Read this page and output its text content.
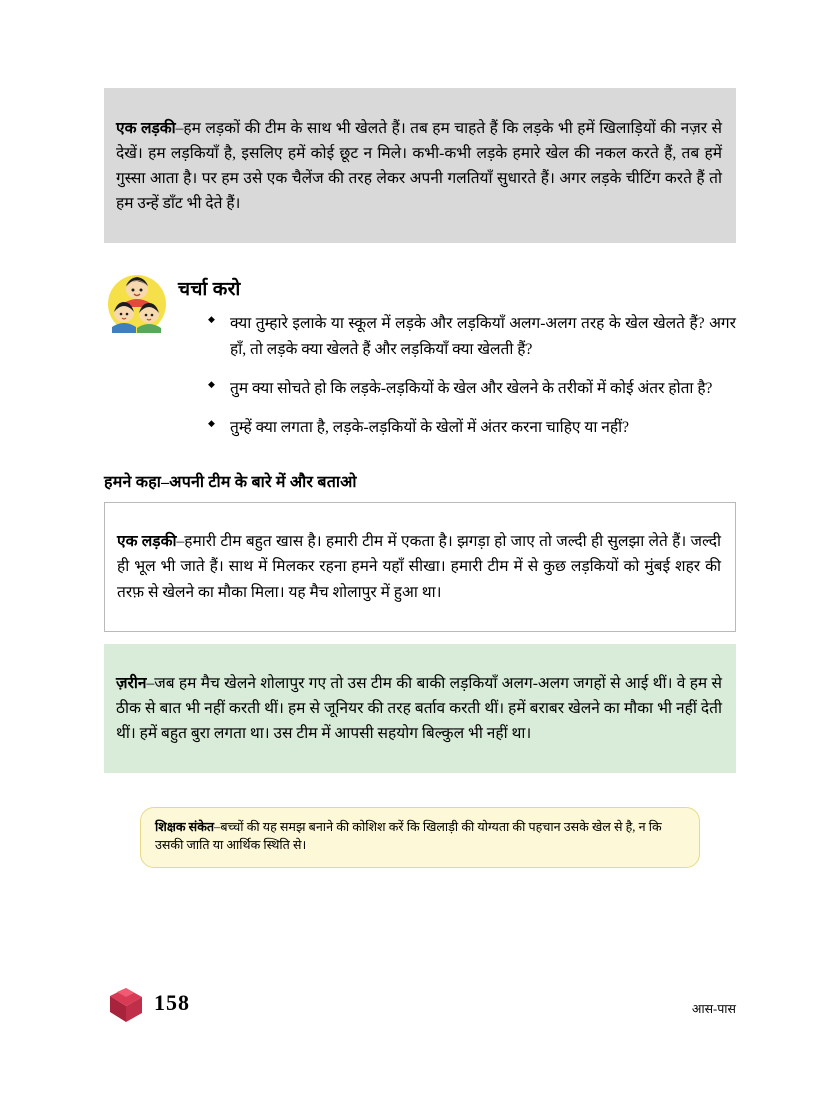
एक लड़की–हम लड़कों की टीम के साथ भी खेलते हैं। तब हम चाहते हैं कि लड़के भी हमें खिलाड़ियों की नज़र से देखें। हम लड़कियाँ है, इसलिए हमें कोई छूट न मिले। कभी-कभी लड़के हमारे खेल की नकल करते हैं, तब हमें गुस्सा आता है। पर हम उसे एक चैलेंज की तरह लेकर अपनी गलतियाँ सुधारते हैं। अगर लड़के चीटिंग करते हैं तो हम उन्हें डाँट भी देते हैं।

चर्चा करो
◆ क्या तुम्हारे इलाके या स्कूल में लड़के और लड़कियाँ अलग-अलग तरह के खेल खेलते हैं? अगर हाँ, तो लड़के क्या खेलते हैं और लड़कियाँ क्या खेलती हैं?
◆ तुम क्या सोचते हो कि लड़के-लड़कियों के खेल और खेलने के तरीकों में कोई अंतर होता है?
◆ तुम्हें क्या लगता है, लड़के-लड़कियों के खेलों में अंतर करना चाहिए या नहीं?
हमने कहा–अपनी टीम के बारे में और बताओ

एक लड़की–हमारी टीम बहुत खास है। हमारी टीम में एकता है। झगड़ा हो जाए तो जल्दी ही सुलझा लेते हैं। जल्दी ही भूल भी जाते हैं। साथ में मिलकर रहना हमने यहाँ सीखा। हमारी टीम में से कुछ लड़कियों को मुंबई शहर की तरफ़ से खेलने का मौका मिला। यह मैच शोलापुर में हुआ था।

ज़रीन–जब हम मैच खेलने शोलापुर गए तो उस टीम की बाकी लड़कियाँ अलग-अलग जगहों से आई थीं। वे हम से ठीक से बात भी नहीं करती थीं। हम से जूनियर की तरह बर्ताव करती थीं। हमें बराबर खेलने का मौका भी नहीं देती थीं। हमें बहुत बुरा लगता था। उस टीम में आपसी सहयोग बिल्कुल भी नहीं था।

शिक्षक संकेत–बच्चों की यह समझ बनाने की कोशिश करें कि खिलाड़ी की योग्यता की पहचान उसके खेल से है, न कि उसकी जाति या आर्थिक स्थिति से।
158	आस-पास
